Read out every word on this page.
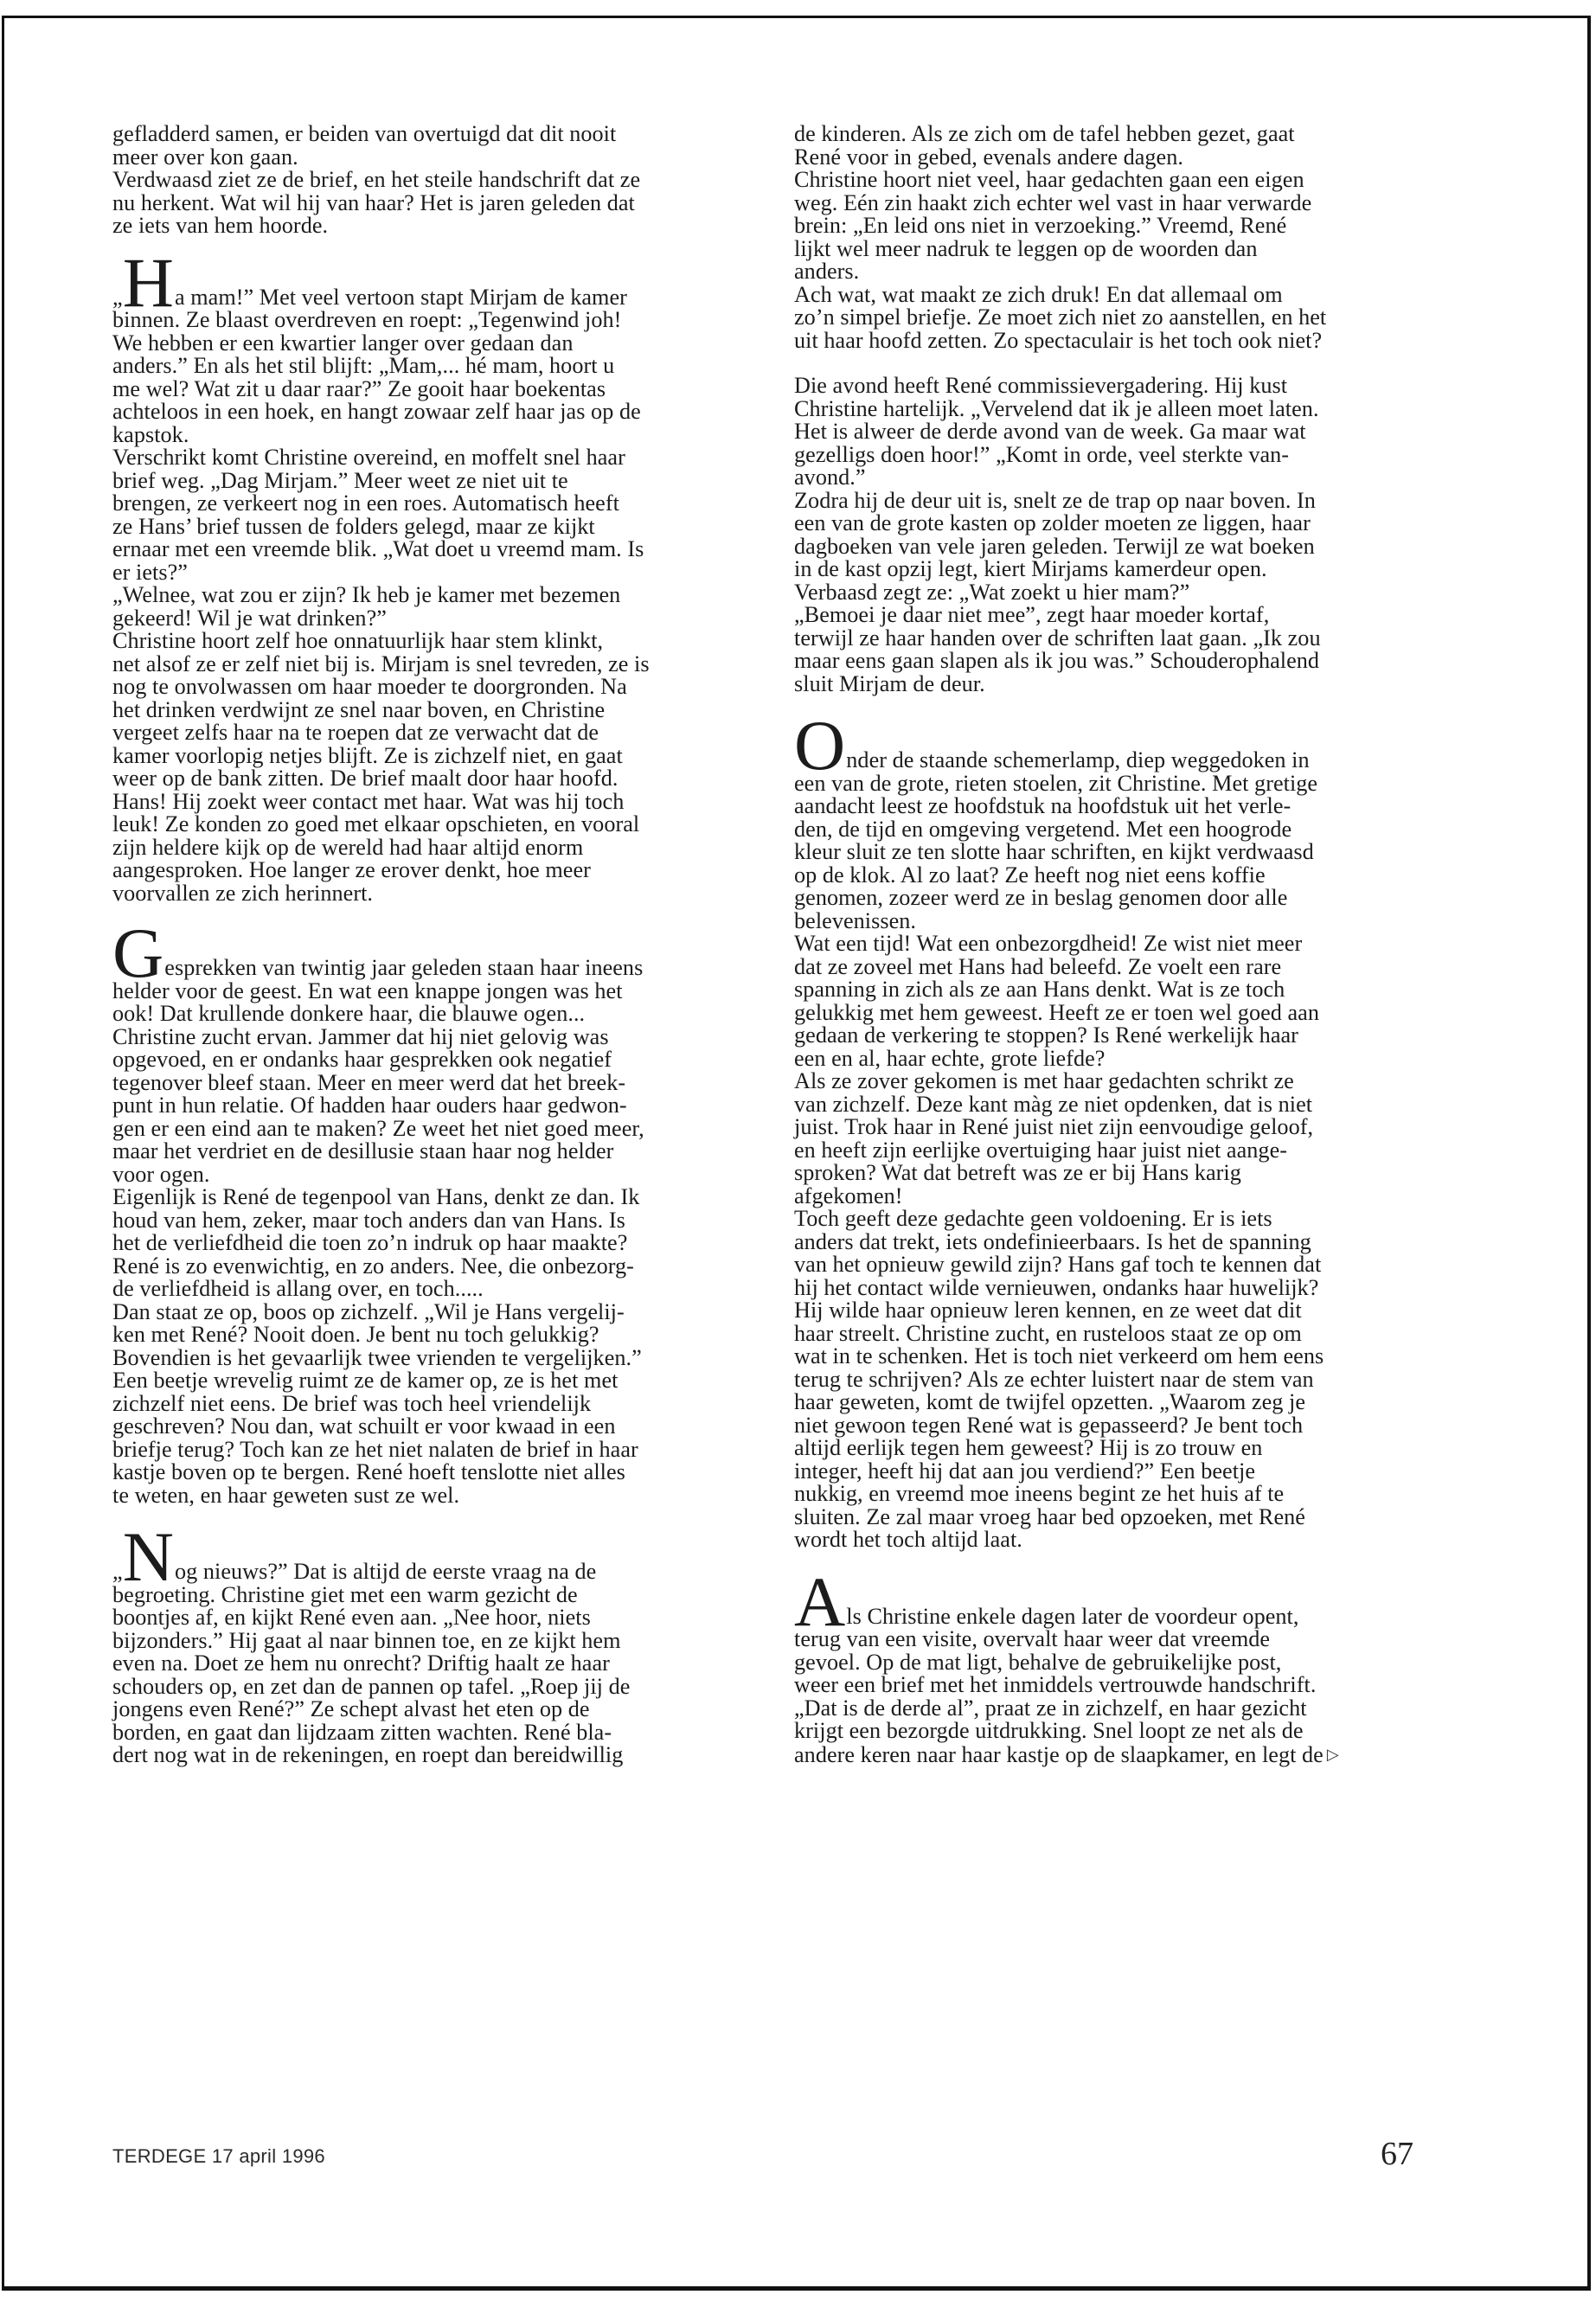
gefladderd samen, er beiden van overtuigd dat dit nooit
meer over kon gaan.
Verdwaasd ziet ze de brief, en het steile handschrift dat ze
nu herkent. Wat wil hij van haar? Het is jaren geleden dat
ze iets van hem hoorde.

„Ha mam!” Met veel vertoon stapt Mirjam de kamer
binnen. Ze blaast overdreven en roept: „Tegenwind joh!
We hebben er een kwartier langer over gedaan dan
anders.” En als het stil blijft: „Mam,... hé mam, hoort u
me wel? Wat zit u daar raar?” Ze gooit haar boekentas
achteloos in een hoek, en hangt zowaar zelf haar jas op de
kapstok.
Verschrikt komt Christine overeind, en moffelt snel haar
brief weg. „Dag Mirjam.” Meer weet ze niet uit te
brengen, ze verkeert nog in een roes. Automatisch heeft
ze Hans’ brief tussen de folders gelegd, maar ze kijkt
ernaar met een vreemde blik. „Wat doet u vreemd mam. Is
er iets?”
„Welnee, wat zou er zijn? Ik heb je kamer met bezemen
gekeerd! Wil je wat drinken?”
Christine hoort zelf hoe onnatuurlijk haar stem klinkt,
net alsof ze er zelf niet bij is. Mirjam is snel tevreden, ze is
nog te onvolwassen om haar moeder te doorgronden. Na
het drinken verdwijnt ze snel naar boven, en Christine
vergeet zelfs haar na te roepen dat ze verwacht dat de
kamer voorlopig netjes blijft. Ze is zichzelf niet, en gaat
weer op de bank zitten. De brief maalt door haar hoofd.
Hans! Hij zoekt weer contact met haar. Wat was hij toch
leuk! Ze konden zo goed met elkaar opschieten, en vooral
zijn heldere kijk op de wereld had haar altijd enorm
aangesproken. Hoe langer ze erover denkt, hoe meer
voorvallen ze zich herinnert.

Gesprekken van twintig jaar geleden staan haar ineens
helder voor de geest. En wat een knappe jongen was het
ook! Dat krullende donkere haar, die blauwe ogen...
Christine zucht ervan. Jammer dat hij niet gelovig was
opgevoed, en er ondanks haar gesprekken ook negatief
tegenover bleef staan. Meer en meer werd dat het breek-
punt in hun relatie. Of hadden haar ouders haar gedwon-
gen er een eind aan te maken? Ze weet het niet goed meer,
maar het verdriet en de desillusie staan haar nog helder
voor ogen.
Eigenlijk is René de tegenpool van Hans, denkt ze dan. Ik
houd van hem, zeker, maar toch anders dan van Hans. Is
het de verliefdheid die toen zo’n indruk op haar maakte?
René is zo evenwichtig, en zo anders. Nee, die onbezorg-
de verliefdheid is allang over, en toch.....
Dan staat ze op, boos op zichzelf. „Wil je Hans vergelij-
ken met René? Nooit doen. Je bent nu toch gelukkig?
Bovendien is het gevaarlijk twee vrienden te vergelijken.”
Een beetje wrevelig ruimt ze de kamer op, ze is het met
zichzelf niet eens. De brief was toch heel vriendelijk
geschreven? Nou dan, wat schuilt er voor kwaad in een
briefje terug? Toch kan ze het niet nalaten de brief in haar
kastje boven op te bergen. René hoeft tenslotte niet alles
te weten, en haar geweten sust ze wel.

„Nog nieuws?” Dat is altijd de eerste vraag na de
begroeting. Christine giet met een warm gezicht de
boontjes af, en kijkt René even aan. „Nee hoor, niets
bijzonders.” Hij gaat al naar binnen toe, en ze kijkt hem
even na. Doet ze hem nu onrecht? Driftig haalt ze haar
schouders op, en zet dan de pannen op tafel. „Roep jij de
jongens even René?” Ze schept alvast het eten op de
borden, en gaat dan lijdzaam zitten wachten. René bla-
dert nog wat in de rekeningen, en roept dan bereidwillig

de kinderen. Als ze zich om de tafel hebben gezet, gaat
René voor in gebed, evenals andere dagen.
Christine hoort niet veel, haar gedachten gaan een eigen
weg. Eén zin haakt zich echter wel vast in haar verwarde
brein: „En leid ons niet in verzoeking.” Vreemd, René
lijkt wel meer nadruk te leggen op de woorden dan
anders.
Ach wat, wat maakt ze zich druk! En dat allemaal om
zo’n simpel briefje. Ze moet zich niet zo aanstellen, en het
uit haar hoofd zetten. Zo spectaculair is het toch ook niet?

Die avond heeft René commissievergadering. Hij kust
Christine hartelijk. „Vervelend dat ik je alleen moet laten.
Het is alweer de derde avond van de week. Ga maar wat
gezelligs doen hoor!” „Komt in orde, veel sterkte van-
avond.”
Zodra hij de deur uit is, snelt ze de trap op naar boven. In
een van de grote kasten op zolder moeten ze liggen, haar
dagboeken van vele jaren geleden. Terwijl ze wat boeken
in de kast opzij legt, kiert Mirjams kamerdeur open.
Verbaasd zegt ze: „Wat zoekt u hier mam?”
„Bemoei je daar niet mee”, zegt haar moeder kortaf,
terwijl ze haar handen over de schriften laat gaan. „Ik zou
maar eens gaan slapen als ik jou was.” Schouderophalend
sluit Mirjam de deur.

Onder de staande schemerlamp, diep weggedoken in
een van de grote, rieten stoelen, zit Christine. Met gretige
aandacht leest ze hoofdstuk na hoofdstuk uit het verle-
den, de tijd en omgeving vergetend. Met een hoogrode
kleur sluit ze ten slotte haar schriften, en kijkt verdwaasd
op de klok. Al zo laat? Ze heeft nog niet eens koffie
genomen, zozeer werd ze in beslag genomen door alle
belevenissen.
Wat een tijd! Wat een onbezorgdheid! Ze wist niet meer
dat ze zoveel met Hans had beleefd. Ze voelt een rare
spanning in zich als ze aan Hans denkt. Wat is ze toch
gelukkig met hem geweest. Heeft ze er toen wel goed aan
gedaan de verkering te stoppen? Is René werkelijk haar
een en al, haar echte, grote liefde?
Als ze zover gekomen is met haar gedachten schrikt ze
van zichzelf. Deze kant màg ze niet opdenken, dat is niet
juist. Trok haar in René juist niet zijn eenvoudige geloof,
en heeft zijn eerlijke overtuiging haar juist niet aange-
sproken? Wat dat betreft was ze er bij Hans karig
afgekomen!
Toch geeft deze gedachte geen voldoening. Er is iets
anders dat trekt, iets ondefinieerbaars. Is het de spanning
van het opnieuw gewild zijn? Hans gaf toch te kennen dat
hij het contact wilde vernieuwen, ondanks haar huwelijk?
Hij wilde haar opnieuw leren kennen, en ze weet dat dit
haar streelt. Christine zucht, en rusteloos staat ze op om
wat in te schenken. Het is toch niet verkeerd om hem eens
terug te schrijven? Als ze echter luistert naar de stem van
haar geweten, komt de twijfel opzetten. „Waarom zeg je
niet gewoon tegen René wat is gepasseerd? Je bent toch
altijd eerlijk tegen hem geweest? Hij is zo trouw en
integer, heeft hij dat aan jou verdiend?” Een beetje
nukkig, en vreemd moe ineens begint ze het huis af te
sluiten. Ze zal maar vroeg haar bed opzoeken, met René
wordt het toch altijd laat.

Als Christine enkele dagen later de voordeur opent,
terug van een visite, overvalt haar weer dat vreemde
gevoel. Op de mat ligt, behalve de gebruikelijke post,
weer een brief met het inmiddels vertrouwde handschrift.
„Dat is de derde al”, praat ze in zichzelf, en haar gezicht
krijgt een bezorgde uitdrukking. Snel loopt ze net als de
andere keren naar haar kastje op de slaapkamer, en legt de ▷

TERDEGE 17 april 1996	67
